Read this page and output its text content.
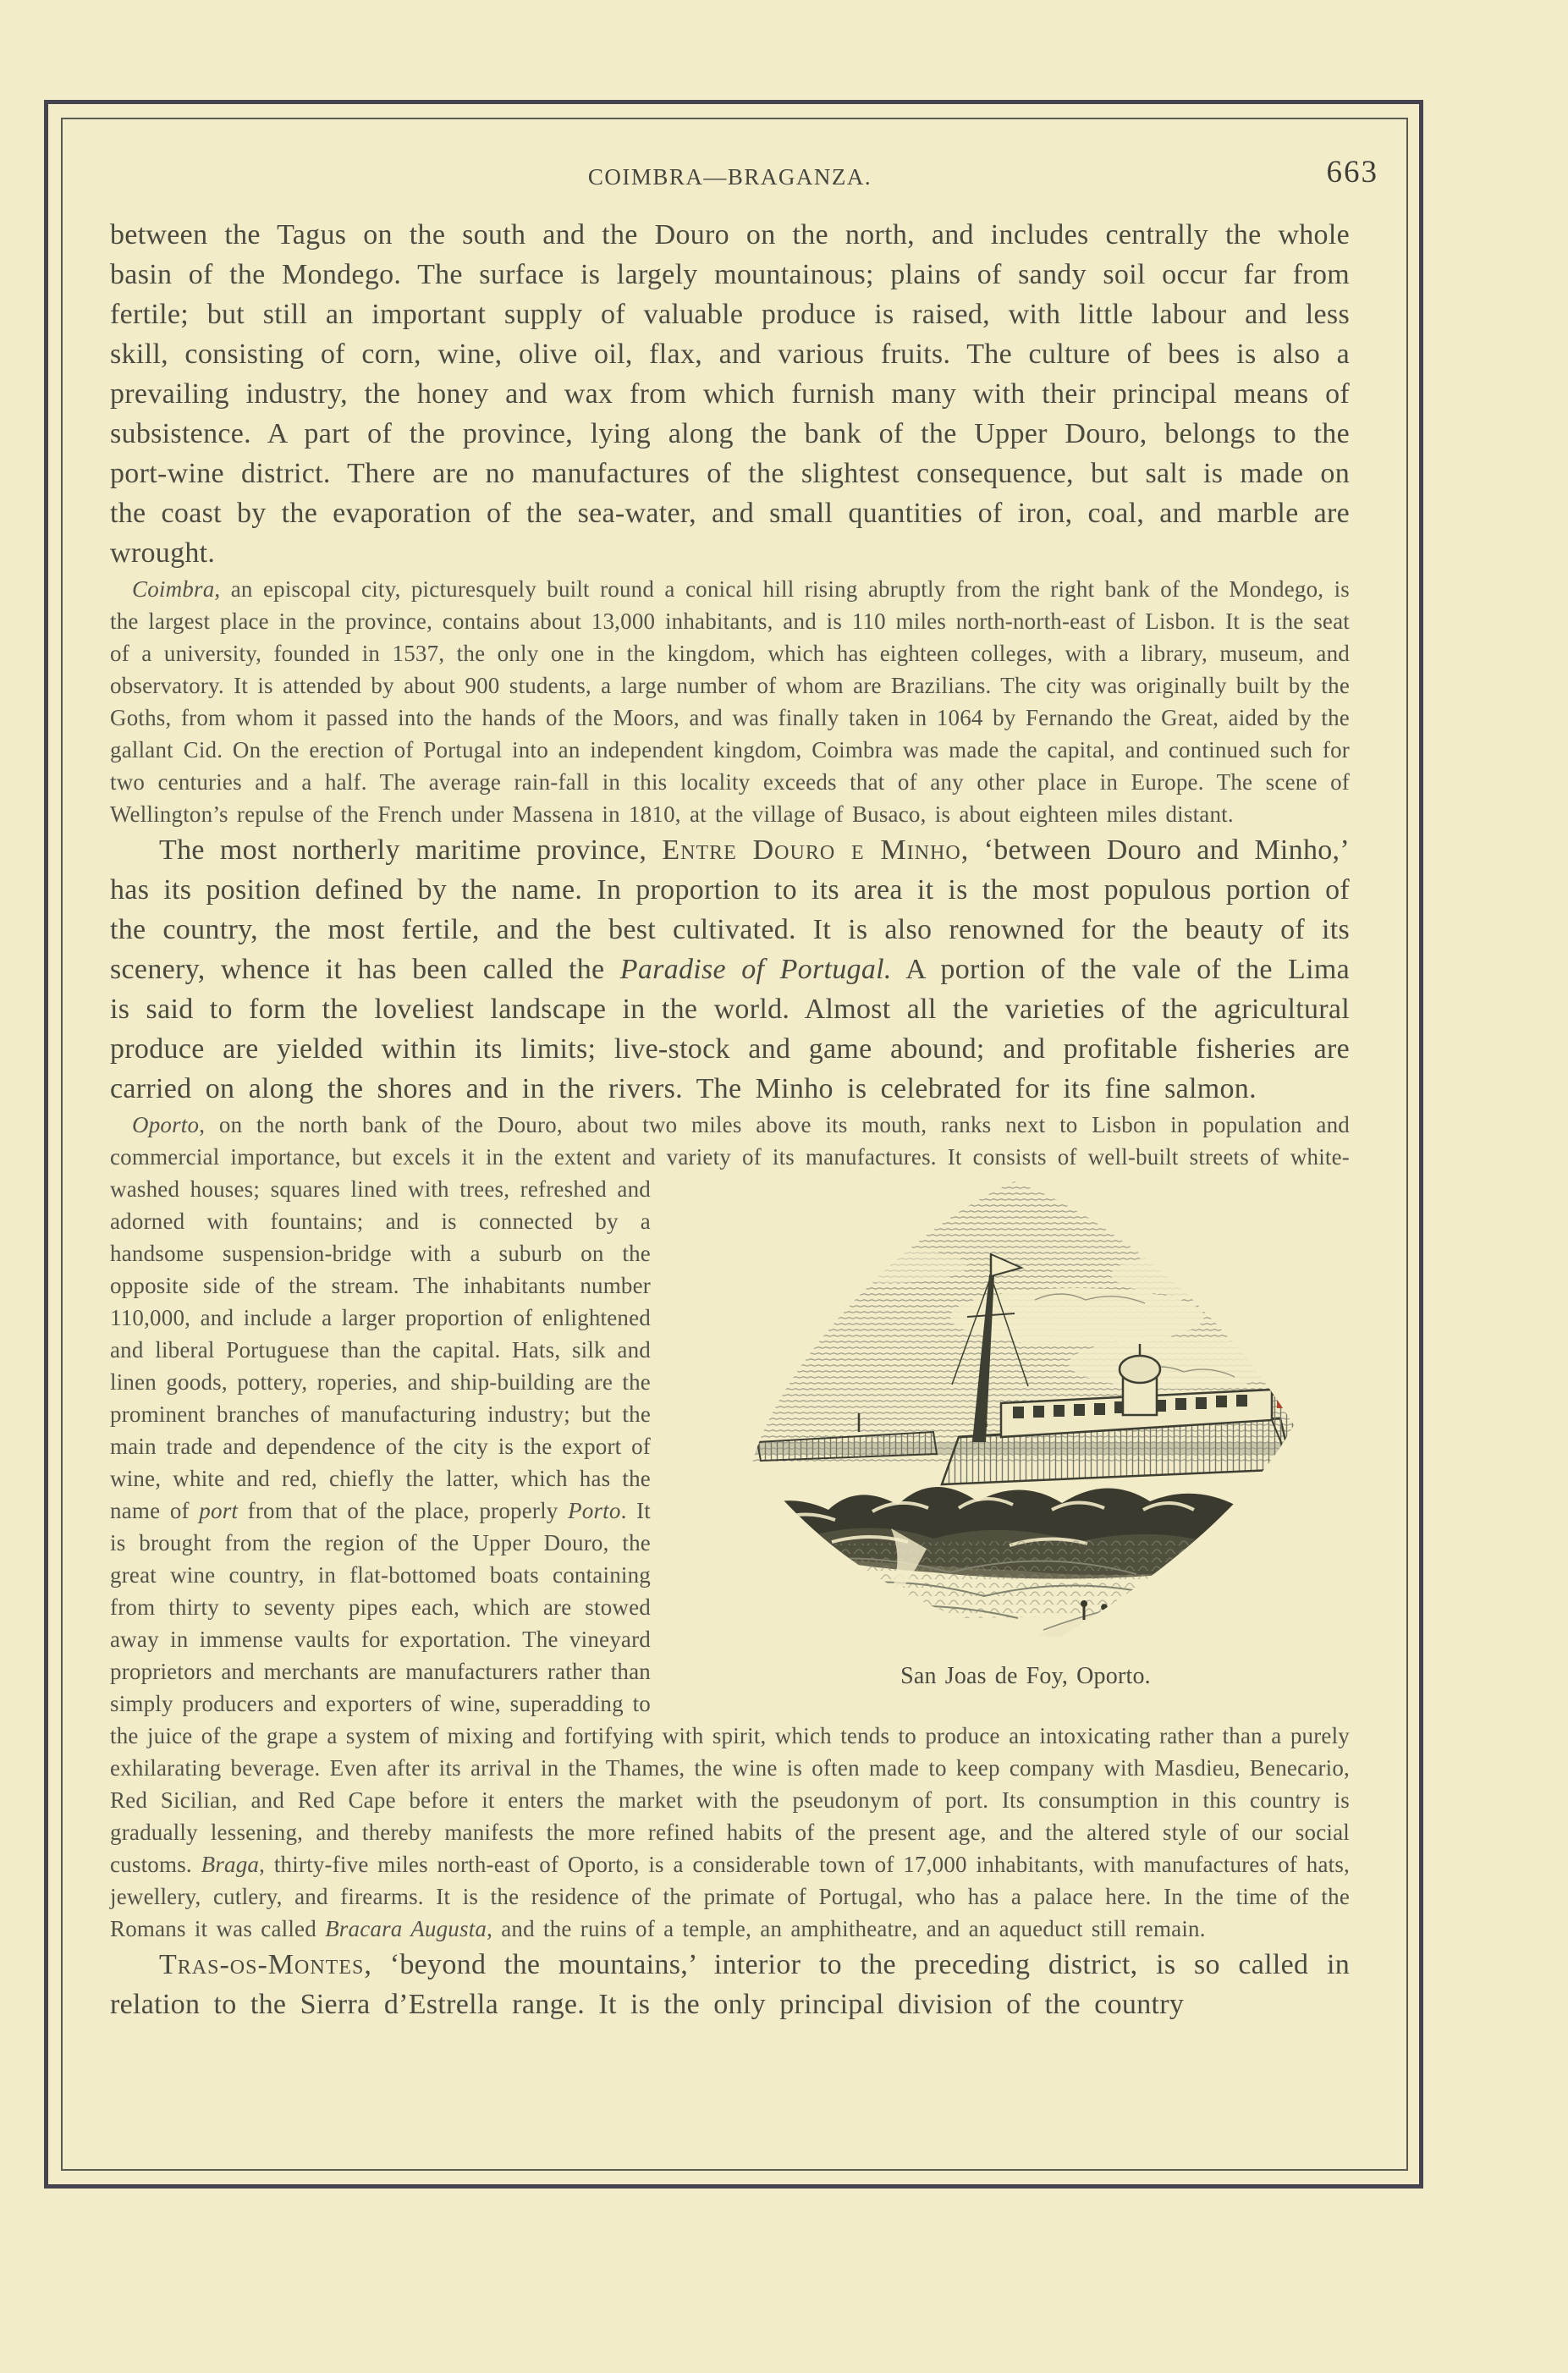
COIMBRA—BRAGANZA.	663
between the Tagus on the south and the Douro on the north, and includes centrally the whole basin of the Mondego. The surface is largely mountainous; plains of sandy soil occur far from fertile; but still an important supply of valuable produce is raised, with little labour and less skill, consisting of corn, wine, olive oil, flax, and various fruits. The culture of bees is also a prevailing industry, the honey and wax from which furnish many with their principal means of subsistence. A part of the province, lying along the bank of the Upper Douro, belongs to the port-wine district. There are no manufactures of the slightest consequence, but salt is made on the coast by the evaporation of the sea-water, and small quantities of iron, coal, and marble are wrought.
Coimbra, an episcopal city, picturesquely built round a conical hill rising abruptly from the right bank of the Mondego, is the largest place in the province, contains about 13,000 inhabitants, and is 110 miles north-north-east of Lisbon. It is the seat of a university, founded in 1537, the only one in the kingdom, which has eighteen colleges, with a library, museum, and observatory. It is attended by about 900 students, a large number of whom are Brazilians. The city was originally built by the Goths, from whom it passed into the hands of the Moors, and was finally taken in 1064 by Fernando the Great, aided by the gallant Cid. On the erection of Portugal into an independent kingdom, Coimbra was made the capital, and continued such for two centuries and a half. The average rain-fall in this locality exceeds that of any other place in Europe. The scene of Wellington’s repulse of the French under Massena in 1810, at the village of Busaco, is about eighteen miles distant.
The most northerly maritime province, Entre Douro e Minho, ‘between Douro and Minho,’ has its position defined by the name. In proportion to its area it is the most populous portion of the country, the most fertile, and the best cultivated. It is also renowned for the beauty of its scenery, whence it has been called the Paradise of Portugal. A portion of the vale of the Lima is said to form the loveliest landscape in the world. Almost all the varieties of the agricultural produce are yielded within its limits; live-stock and game abound; and profitable fisheries are carried on along the shores and in the rivers. The Minho is celebrated for its fine salmon.
San Joas de Foy, Oporto.
Oporto, on the north bank of the Douro, about two miles above its mouth, ranks next to Lisbon in population and commercial importance, but excels it in the extent and variety of its manufactures. It consists of well-built streets of white-washed houses; squares lined with trees, refreshed and adorned with fountains; and is connected by a handsome suspension-bridge with a suburb on the opposite side of the stream. The inhabitants number 110,000, and include a larger proportion of enlightened and liberal Portuguese than the capital. Hats, silk and linen goods, pottery, roperies, and ship-building are the prominent branches of manufacturing industry; but the main trade and dependence of the city is the export of wine, white and red, chiefly the latter, which has the name of port from that of the place, properly Porto. It is brought from the region of the Upper Douro, the great wine country, in flat-bottomed boats containing from thirty to seventy pipes each, which are stowed away in immense vaults for exportation. The vineyard proprietors and merchants are manufacturers rather than simply producers and exporters of wine, superadding to the juice of the grape a system of mixing and fortifying with spirit, which tends to produce an intoxicating rather than a purely exhilarating beverage. Even after its arrival in the Thames, the wine is often made to keep company with Masdieu, Benecario, Red Sicilian, and Red Cape before it enters the market with the pseudonym of port. Its consumption in this country is gradually lessening, and thereby manifests the more refined habits of the present age, and the altered style of our social customs. Braga, thirty-five miles north-east of Oporto, is a considerable town of 17,000 inhabitants, with manufactures of hats, jewellery, cutlery, and firearms. It is the residence of the primate of Portugal, who has a palace here. In the time of the Romans it was called Bracara Augusta, and the ruins of a temple, an amphitheatre, and an aqueduct still remain.
Tras-os-Montes, ‘beyond the mountains,’ interior to the preceding district, is so called in relation to the Sierra d’Estrella range. It is the only principal division of the country
